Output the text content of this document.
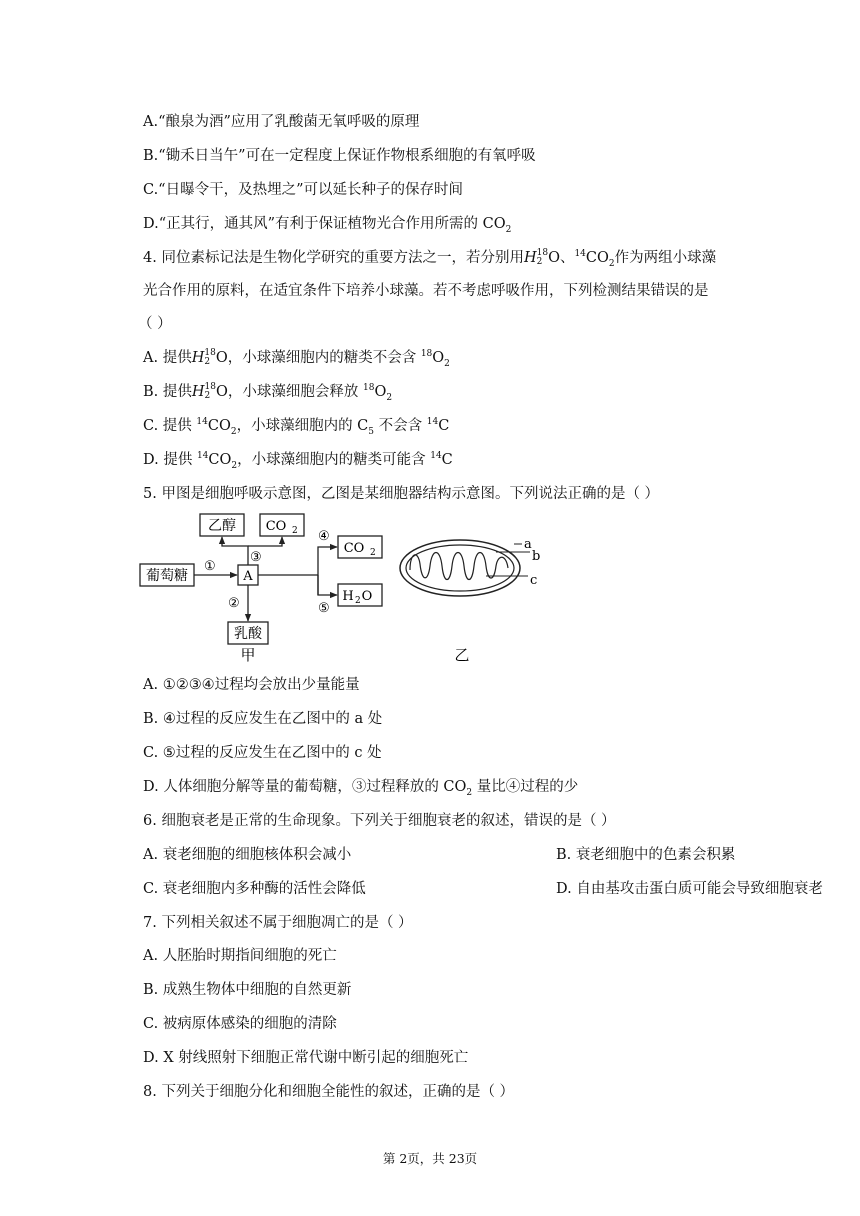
A.“酿泉为酒”应用了乳酸菌无氧呼吸的原理
B.“锄禾日当午”可在一定程度上保证作物根系细胞的有氧呼吸
C.“日曝令干，及热埋之”可以延长种子的保存时间
D.“正其行，通其风”有利于保证植物光合作用所需的 $CO_2$
4. 同位素标记法是生物化学研究的重要方法之一，若分别用H 18
2 O、$^{14}CO_2$作为两组小球藻
光合作用的原料，在适宜条件下培养小球藻。若不考虑呼吸作用，下列检测结果错误的是
（ ）
A. 提供H 18
2 O，小球藻细胞内的糖类不会含 $^{18}O_2$
B. 提供H 18
2 O，小球藻细胞会释放 $^{18}O_2$
C. 提供 $^{14}CO_2$，小球藻细胞内的 $C_5$ 不会含 $^{14}$C
D. 提供 $^{14}CO_2$，小球藻细胞内的糖类可能含 $^{14}$C
5. 甲图是细胞呼吸示意图，乙图是某细胞器结构示意图。下列说法正确的是（ ）
乙醇 CO 2
葡萄糖	A
乳酸
CO 2
H 2 O
①
③
②
④
⑤
甲
a
b
c
乙
A. ①②③④过程均会放出少量能量
B. ④过程的反应发生在乙图中的 a 处
C. ⑤过程的反应发生在乙图中的 c 处
D. 人体细胞分解等量的葡萄糖，③过程释放的 $CO_2$ 量比④过程的少
6. 细胞衰老是正常的生命现象。下列关于细胞衰老的叙述，错误的是（ ）
A. 衰老细胞的细胞核体积会减小	B. 衰老细胞中的色素会积累
C. 衰老细胞内多种酶的活性会降低	D. 自由基攻击蛋白质可能会导致细胞衰老
7. 下列相关叙述不属于细胞凋亡的是（ ）
A. 人胚胎时期指间细胞的死亡
B. 成熟生物体中细胞的自然更新
C. 被病原体感染的细胞的清除
D. X 射线照射下细胞正常代谢中断引起的细胞死亡
8. 下列关于细胞分化和细胞全能性的叙述，正确的是（ ）
第 2页，共 23页
